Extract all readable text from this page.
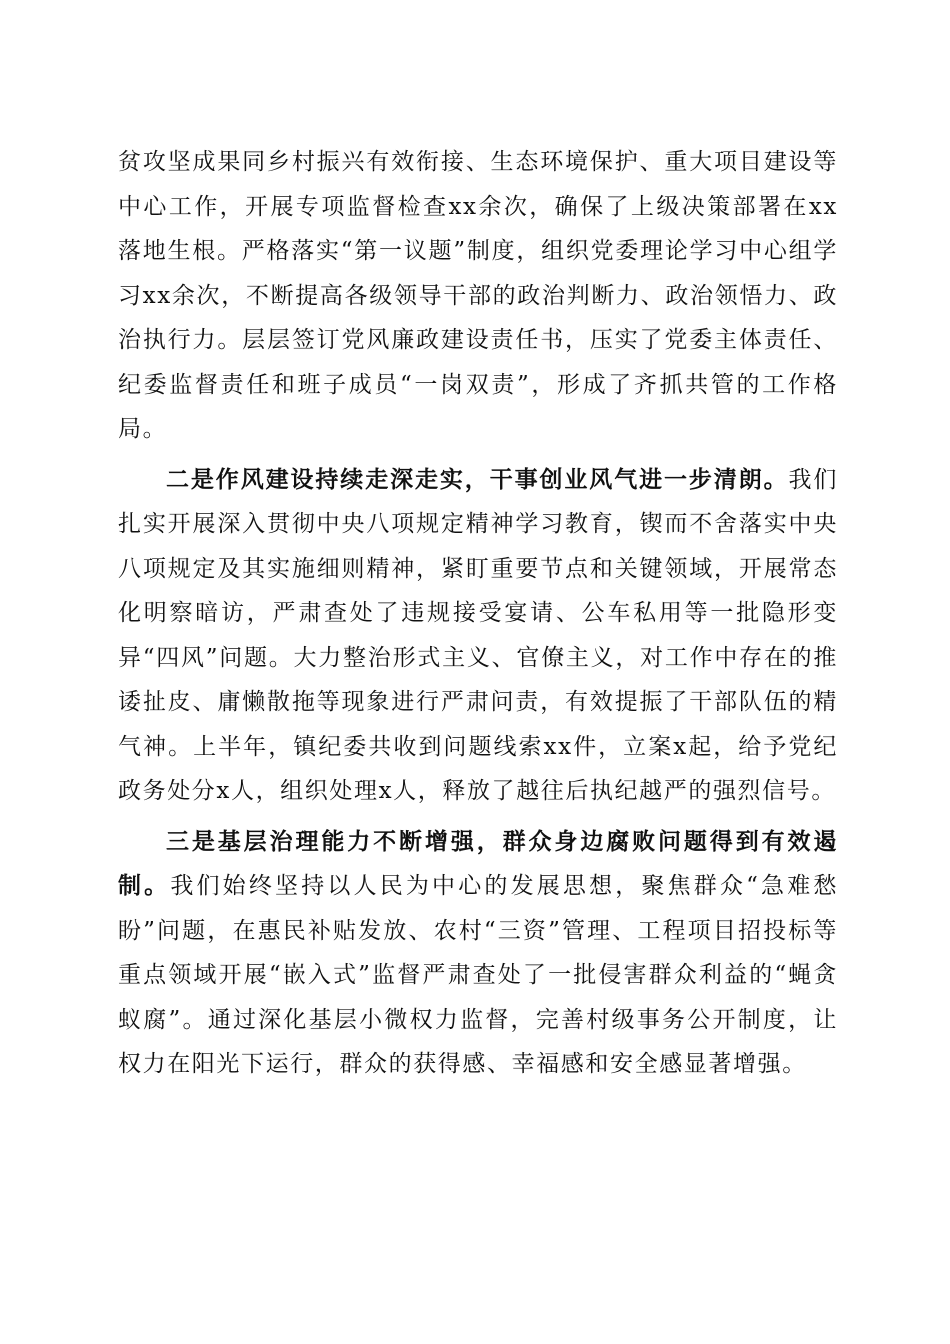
贫攻坚成果同乡村振兴有效衔接、生态环境保护、重大项目建设等中心工作，开展专项监督检查xx余次，确保了上级决策部署在xx落地生根。严格落实“第一议题”制度，组织党委理论学习中心组学习xx余次，不断提高各级领导干部的政治判断力、政治领悟力、政治执行力。层层签订党风廉政建设责任书，压实了党委主体责任、纪委监督责任和班子成员“一岗双责”，形成了齐抓共管的工作格局。

二是作风建设持续走深走实，干事创业风气进一步清朗。我们扎实开展深入贯彻中央八项规定精神学习教育，锲而不舍落实中央八项规定及其实施细则精神，紧盯重要节点和关键领域，开展常态化明察暗访，严肃查处了违规接受宴请、公车私用等一批隐形变异“四风”问题。大力整治形式主义、官僚主义，对工作中存在的推诿扯皮、庸懒散拖等现象进行严肃问责，有效提振了干部队伍的精气神。上半年，镇纪委共收到问题线索xx件，立案x起，给予党纪政务处分x人，组织处理x人，释放了越往后执纪越严的强烈信号。

三是基层治理能力不断增强，群众身边腐败问题得到有效遏制。我们始终坚持以人民为中心的发展思想，聚焦群众“急难愁盼”问题，在惠民补贴发放、农村“三资”管理、工程项目招投标等重点领域开展“嵌入式”监督严肃查处了一批侵害群众利益的“蝇贪蚁腐”。通过深化基层小微权力监督，完善村级事务公开制度，让权力在阳光下运行，群众的获得感、幸福感和安全感显著增强。
